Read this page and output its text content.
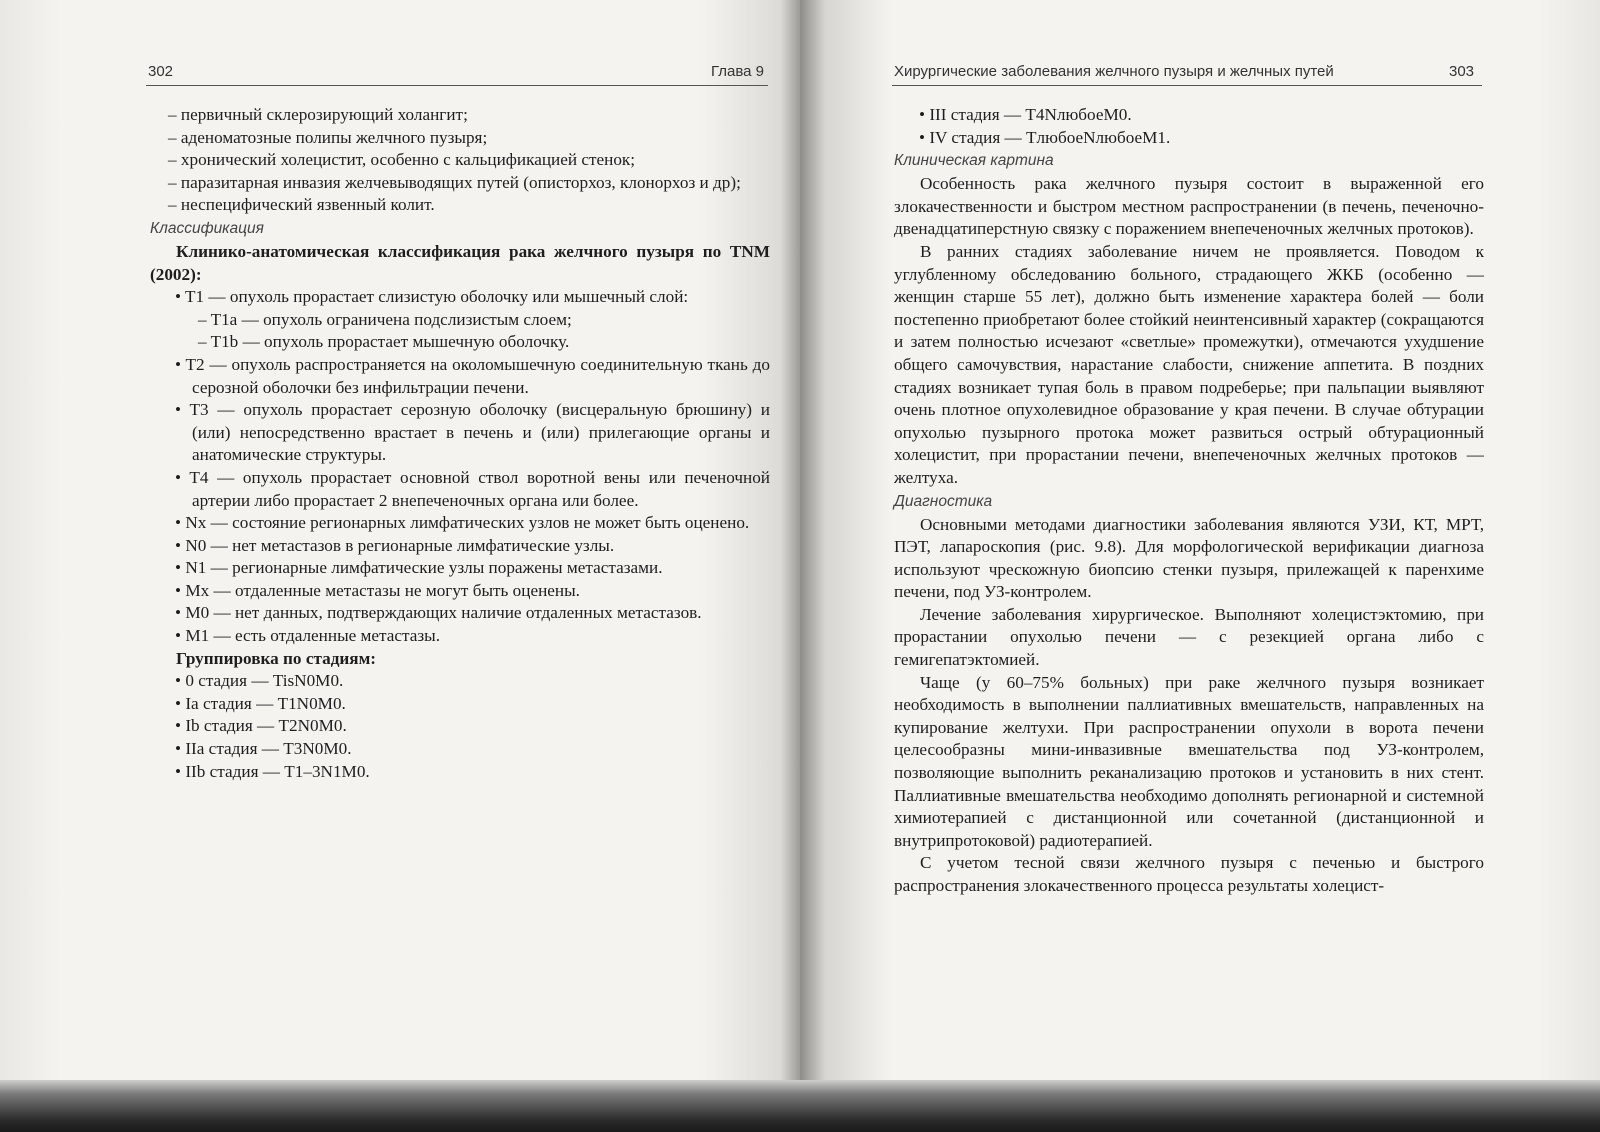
302	Глава 9

– первичный склерозирующий холангит;

– аденоматозные полипы желчного пузыря;

– хронический холецистит, особенно с кальцификацией стенок;

– паразитарная инвазия желчевыводящих путей (описторхоз, клонорхоз и др);

– неспецифический язвенный колит.

Классификация

Клинико-анатомическая классификация рака желчного пузыря по TNM (2002):

• T1 — опухоль прорастает слизистую оболочку или мышечный слой:

– T1a — опухоль ограничена подслизистым слоем;

– T1b — опухоль прорастает мышечную оболочку.

• T2 — опухоль распространяется на околомышечную соединительную ткань до серозной оболочки без инфильтрации печени.

• T3 — опухоль прорастает серозную оболочку (висцеральную брюшину) и (или) непосредственно врастает в печень и (или) прилегающие органы и анатомические структуры.

• T4 — опухоль прорастает основной ствол воротной вены или печеночной артерии либо прорастает 2 внепеченочных органа или более.

• Nx — состояние регионарных лимфатических узлов не может быть оценено.

• N0 — нет метастазов в регионарные лимфатические узлы.

• N1 — регионарные лимфатические узлы поражены метастазами.

• Mx — отдаленные метастазы не могут быть оценены.

• M0 — нет данных, подтверждающих наличие отдаленных метастазов.

• M1 — есть отдаленные метастазы.

Группировка по стадиям:

• 0 стадия — TisN0M0.

• Ia стадия — T1N0M0.

• Ib стадия — T2N0M0.

• IIa стадия — T3N0M0.

• IIb стадия — T1–3N1M0.

Хирургические заболевания желчного пузыря и желчных путей	303

• III стадия — T4NлюбоеM0.

• IV стадия — TлюбоеNлюбоеM1.

Клиническая картина

Особенность рака желчного пузыря состоит в выраженной его злокачественности и быстром местном распространении (в печень, печеночно-двенадцатиперстную связку с поражением внепеченочных желчных протоков).

В ранних стадиях заболевание ничем не проявляется. Поводом к углубленному обследованию больного, страдающего ЖКБ (особенно — женщин старше 55 лет), должно быть изменение характера болей — боли постепенно приобретают более стойкий неинтенсивный характер (сокращаются и затем полностью исчезают «светлые» промежутки), отмечаются ухудшение общего самочувствия, нарастание слабости, снижение аппетита. В поздних стадиях возникает тупая боль в правом подреберье; при пальпации выявляют очень плотное опухолевидное образование у края печени. В случае обтурации опухолью пузырного протока может развиться острый обтурационный холецистит, при прорастании печени, внепеченочных желчных протоков — желтуха.

Диагностика

Основными методами диагностики заболевания являются УЗИ, КТ, МРТ, ПЭТ, лапароскопия (рис. 9.8). Для морфологической верификации диагноза используют чрескожную биопсию стенки пузыря, прилежащей к паренхиме печени, под УЗ-контролем.

Лечение заболевания хирургическое. Выполняют холецистэктомию, при прорастании опухолью печени — с резекцией органа либо с гемигепатэктомией.

Чаще (у 60–75% больных) при раке желчного пузыря возникает необходимость в выполнении паллиативных вмешательств, направленных на купирование желтухи. При распространении опухоли в ворота печени целесообразны мини-инвазивные вмешательства под УЗ-контролем, позволяющие выполнить реканализацию протоков и установить в них стент. Паллиативные вмешательства необходимо дополнять регионарной и системной химиотерапией с дистанционной или сочетанной (дистанционной и внутрипротоковой) радиотерапией.

С учетом тесной связи желчного пузыря с печенью и быстрого распространения злокачественного процесса результаты холецист-
